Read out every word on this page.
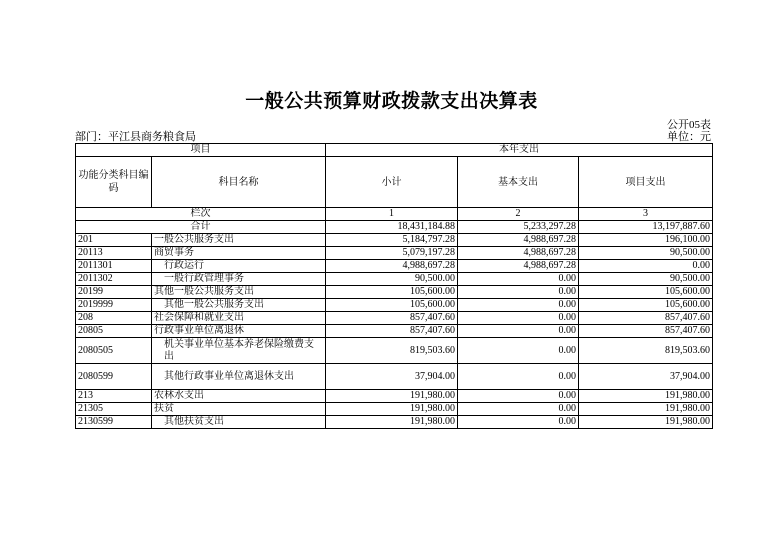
一般公共预算财政拨款支出决算表
公开05表
部门：平江县商务粮食局	单位：元
项目		本年支出		
功能分类科目编码	科目名称	小计	基本支出	项目支出
栏次		1	2	3
合计		18,431,184.88	5,233,297.28	13,197,887.60
201	一般公共服务支出	5,184,797.28	4,988,697.28	196,100.00
20113	商贸事务	5,079,197.28	4,988,697.28	90,500.00
2011301	行政运行	4,988,697.28	4,988,697.28	0.00
2011302	一般行政管理事务	90,500.00	0.00	90,500.00
20199	其他一般公共服务支出	105,600.00	0.00	105,600.00
2019999	其他一般公共服务支出	105,600.00	0.00	105,600.00
208	社会保障和就业支出	857,407.60	0.00	857,407.60
20805	行政事业单位离退休	857,407.60	0.00	857,407.60
2080505	机关事业单位基本养老保险缴费支出	819,503.60	0.00	819,503.60
2080599	其他行政事业单位离退休支出	37,904.00	0.00	37,904.00
213	农林水支出	191,980.00	0.00	191,980.00
21305	扶贫	191,980.00	0.00	191,980.00
2130599	其他扶贫支出	191,980.00	0.00	191,980.00
